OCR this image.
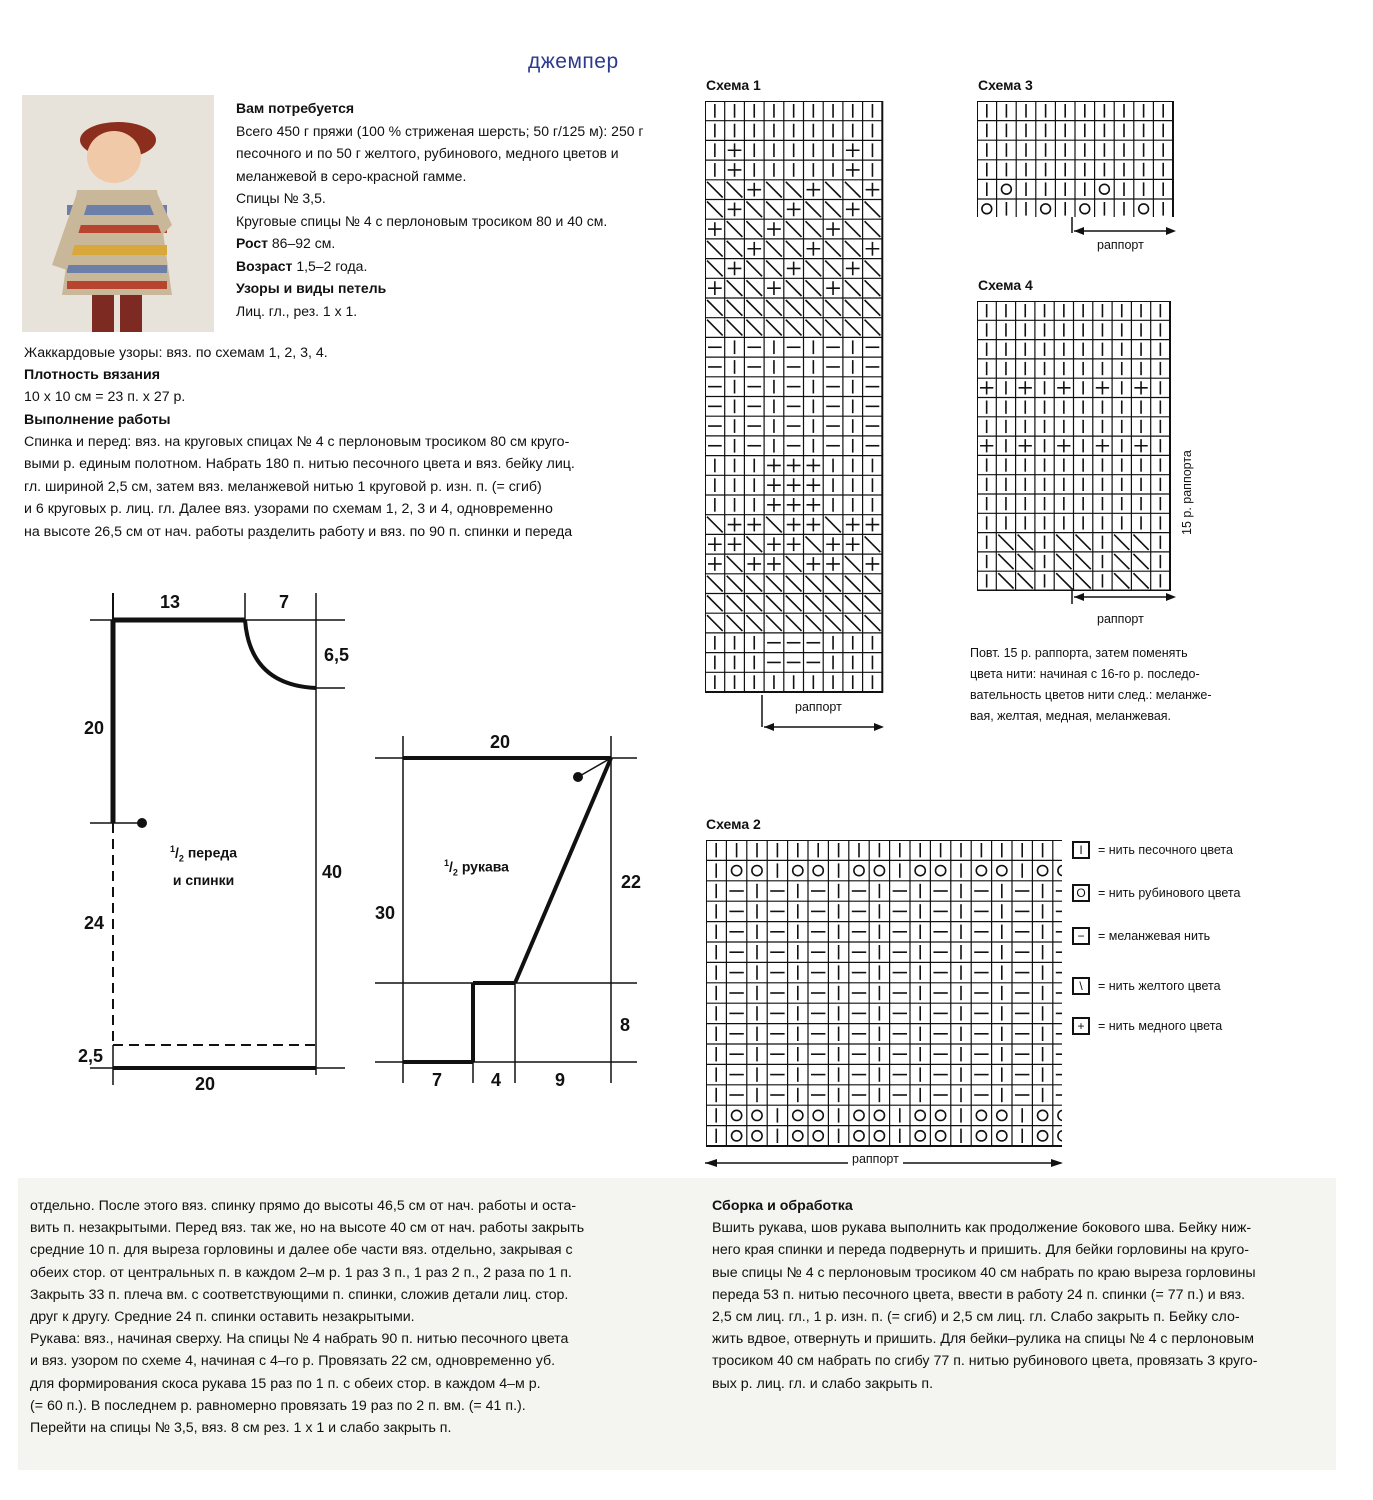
джемпер
Вам потребуется
Всего 450 г пряжи (100 % стриженая шерсть; 50 г/125 м): 250 г песочного и по 50 г желтого, рубинового, медного цветов и меланжевой в серо-красной гамме.
Спицы № 3,5.
Круговые спицы № 4 с перлоновым тросиком 80 и 40 см.
Рост 86–92 см.
Возраст 1,5–2 года.
Узоры и виды петель
Лиц. гл., рез. 1 х 1.
Жаккардовые узоры: вяз. по схемам 1, 2, 3, 4.
Плотность вязания
10 х 10 см = 23 п. х 27 р.
Выполнение работы
Спинка и перед: вяз. на круговых спицах № 4 с перлоновым тросиком 80 см круго-
выми р. единым полотном. Набрать 180 п. нитью песочного цвета и вяз. бейку лиц.
гл. шириной 2,5 см, затем вяз. меланжевой нитью 1 круговой р. изн. п. (= сгиб)
и 6 круговых р. лиц. гл. Далее вяз. узорами по схемам 1, 2, 3 и 4, одновременно
на высоте 26,5 см от нач. работы разделить работу и вяз. по 90 п. спинки и переда
13	7
6,5
20
24
40
2,5
20
$^1/_2$ переда
и спинки
20
30
22
8
7	4	9
$^1/_2$ рукава
Схема 1	Схема 3
Схема 4
Схема 2
раппорт
раппорт
раппорт
15 р. раппорта
раппорт
Повт. 15 р. раппорта, затем поменять
цвета нити: начиная с 16-го р. последо-
вательность цветов нити след.: меланже-
вая, желтая, медная, меланжевая.
I	= нить песочного цвета
O = нить рубинового цвета
−	= меланжевая нить
\	= нить желтого цвета
+	= нить медного цвета
отдельно. После этого вяз. спинку прямо до высоты 46,5 см от нач. работы и оста-
вить п. незакрытыми. Перед вяз. так же, но на высоте 40 см от нач. работы закрыть
средние 10 п. для выреза горловины и далее обе части вяз. отдельно, закрывая с
обеих стор. от центральных п. в каждом 2–м р. 1 раз 3 п., 1 раз 2 п., 2 раза по 1 п.
Закрыть 33 п. плеча вм. с соответствующими п. спинки, сложив детали лиц. стор.
друг к другу. Средние 24 п. спинки оставить незакрытыми.
Рукава: вяз., начиная сверху. На спицы № 4 набрать 90 п. нитью песочного цвета
и вяз. узором по схеме 4, начиная с 4–го р. Провязать 22 см, одновременно уб.
для формирования скоса рукава 15 раз по 1 п. с обеих стор. в каждом 4–м р.
(= 60 п.). В последнем р. равномерно провязать 19 раз по 2 п. вм. (= 41 п.).
Перейти на спицы № 3,5, вяз. 8 см рез. 1 х 1 и слабо закрыть п.
Сборка и обработка
Вшить рукава, шов рукава выполнить как продолжение бокового шва. Бейку ниж-
него края спинки и переда подвернуть и пришить. Для бейки горловины на круго-
вые спицы № 4 с перлоновым тросиком 40 см набрать по краю выреза горловины
переда 53 п. нитью песочного цвета, ввести в работу 24 п. спинки (= 77 п.) и вяз.
2,5 см лиц. гл., 1 р. изн. п. (= сгиб) и 2,5 см лиц. гл. Слабо закрыть п. Бейку сло-
жить вдвое, отвернуть и пришить. Для бейки–рулика на спицы № 4 с перлоновым
тросиком 40 см набрать по сгибу 77 п. нитью рубинового цвета, провязать 3 круго-
вых р. лиц. гл. и слабо закрыть п.
